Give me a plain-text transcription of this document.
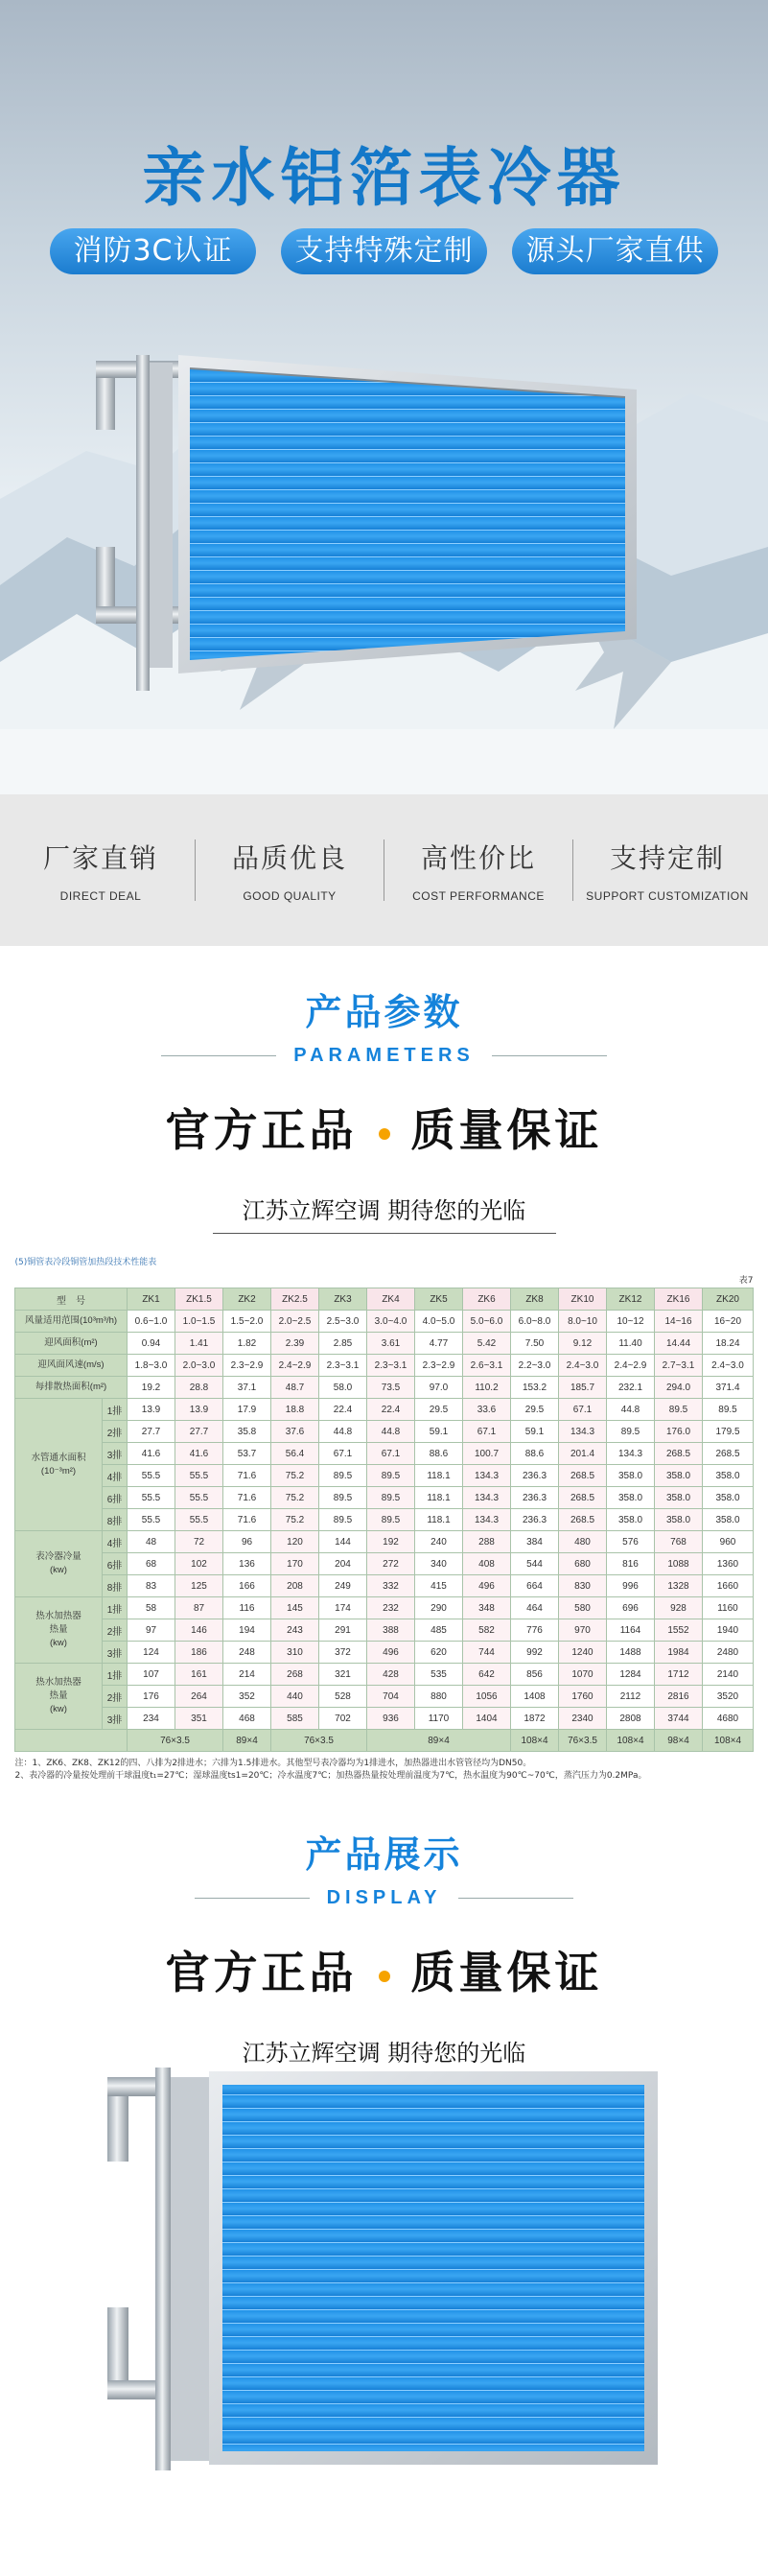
亲水铝箔表冷器
消防3C认证	支持特殊定制	源头厂家直供
厂家直销
DIRECT DEAL
品质优良
GOOD QUALITY
高性价比
COST PERFORMANCE
支持定制
SUPPORT CUSTOMIZATION
产品参数
PARAMETERS
官方正品 质量保证
江苏立辉空调 期待您的光临
(5)铜管表冷段铜管加热段技术性能表
表7
型　号		ZK1	ZK1.5	ZK2	ZK2.5	ZK3	ZK4	ZK5	ZK6	ZK8	ZK10	ZK12	ZK16	ZK20
风量适用范围(10³m³/h)		0.6~1.0	1.0~1.5	1.5~2.0	2.0~2.5	2.5~3.0	3.0~4.0	4.0~5.0	5.0~6.0	6.0~8.0	8.0~10	10~12	14~16	16~20
迎风面积(m²)		0.94	1.41	1.82	2.39	2.85	3.61	4.77	5.42	7.50	9.12	11.40	14.44	18.24
迎风面风速(m/s)		1.8~3.0	2.0~3.0	2.3~2.9	2.4~2.9	2.3~3.1	2.3~3.1	2.3~2.9	2.6~3.1	2.2~3.0	2.4~3.0	2.4~2.9	2.7~3.1	2.4~3.0
每排散热面积(m²)		19.2	28.8	37.1	48.7	58.0	73.5	97.0	110.2	153.2	185.7	232.1	294.0	371.4
水管通水面积
(10⁻³m²)	1排	13.9	13.9	17.9	18.8	22.4	22.4	29.5	33.6	29.5	67.1	44.8	89.5	89.5
	2排	27.7	27.7	35.8	37.6	44.8	44.8	59.1	67.1	59.1	134.3	89.5	176.0	179.5
	3排	41.6	41.6	53.7	56.4	67.1	67.1	88.6	100.7	88.6	201.4	134.3	268.5	268.5
	4排	55.5	55.5	71.6	75.2	89.5	89.5	118.1	134.3	236.3	268.5	358.0	358.0	358.0
	6排	55.5	55.5	71.6	75.2	89.5	89.5	118.1	134.3	236.3	268.5	358.0	358.0	358.0
	8排	55.5	55.5	71.6	75.2	89.5	89.5	118.1	134.3	236.3	268.5	358.0	358.0	358.0
表冷器冷量
(kw)	4排	48	72	96	120	144	192	240	288	384	480	576	768	960
	6排	68	102	136	170	204	272	340	408	544	680	816	1088	1360
	8排	83	125	166	208	249	332	415	496	664	830	996	1328	1660
热水加热器
热量
(kw)	1排	58	87	116	145	174	232	290	348	464	580	696	928	1160
	2排	97	146	194	243	291	388	485	582	776	970	1164	1552	1940
	3排	124	186	248	310	372	496	620	744	992	1240	1488	1984	2480
热水加热器
热量
(kw)	1排	107	161	214	268	321	428	535	642	856	1070	1284	1712	2140
	2排	176	264	352	440	528	704	880	1056	1408	1760	2112	2816	3520
	3排	234	351	468	585	702	936	1170	1404	1872	2340	2808	3744	4680
		76×3.5		89×4	76×3.5		89×4			108×4	76×3.5	108×4	98×4	108×4
注：1、ZK6、ZK8、ZK12的四、八排为2排进水；六排为1.5排进水。其他型号表冷器均为1排进水，加热器进出水管管径均为DN50。
2、表冷器的冷量按处理前干球温度t₁=27℃；湿球温度ts1=20℃；冷水温度7℃；加热器热量按处理前温度为7℃，热水温度为90℃~70℃，蒸汽压力为0.2MPa。
产品展示
DISPLAY
官方正品 质量保证
江苏立辉空调 期待您的光临
